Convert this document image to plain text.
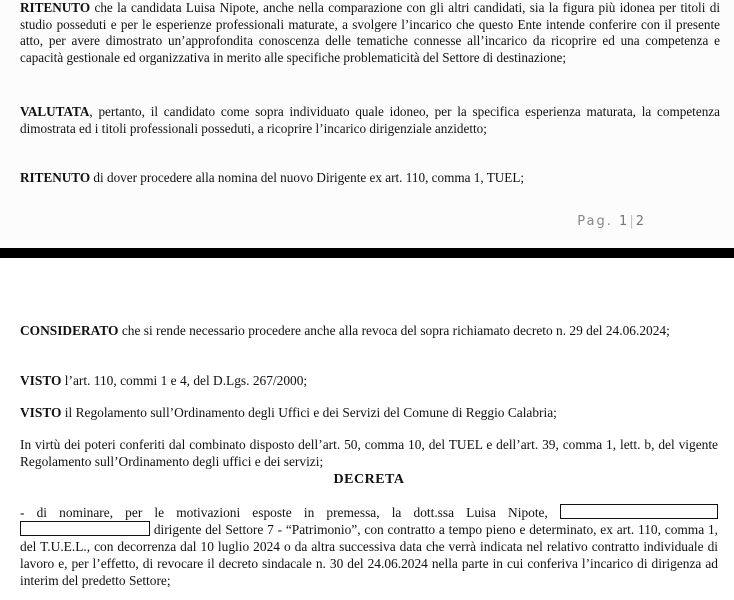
RITENUTO che la candidata Luisa Nipote, anche nella comparazione con gli altri candidati, sia la figura più idonea per titoli di studio posseduti e per le esperienze professionali maturate, a svolgere l’incarico che questo Ente intende conferire con il presente atto, per avere dimostrato un’approfondita conoscenza delle tematiche connesse all’incarico da ricoprire ed una competenza e capacità gestionale ed organizzativa in merito alle specifiche problematicità del Settore di destinazione;

VALUTATA, pertanto, il candidato come sopra individuato quale idoneo, per la specifica esperienza maturata, la competenza dimostrata ed i titoli professionali posseduti, a ricoprire l’incarico dirigenziale anzidetto;

RITENUTO di dover procedere alla nomina del nuovo Dirigente ex art. 110, comma 1, TUEL;

Pag. 1|2

CONSIDERATO che si rende necessario procedere anche alla revoca del sopra richiamato decreto n. 29 del 24.06.2024;

VISTO l’art. 110, commi 1 e 4, del D.Lgs. 267/2000;

VISTO il Regolamento sull’Ordinamento degli Uffici e dei Servizi del Comune di Reggio Calabria;

In virtù dei poteri conferiti dal combinato disposto dell’art. 50, comma 10, del TUEL e dell’art. 39, comma 1, lett. b, del vigente Regolamento sull’Ordinamento degli uffici e dei servizi;

DECRETA

- di nominare, per le motivazioni esposte in premessa, la dott.ssa Luisa Nipote,   dirigente del Settore 7 - “Patrimonio”, con contratto a tempo pieno e determinato, ex art. 110, comma 1, del T.U.E.L., con decorrenza dal 10 luglio 2024 o da altra successiva data che verrà indicata nel relativo contratto individuale di lavoro e, per l’effetto, di revocare il decreto sindacale n. 30 del 24.06.2024 nella parte in cui conferiva l’incarico di dirigenza ad interim del predetto Settore;
